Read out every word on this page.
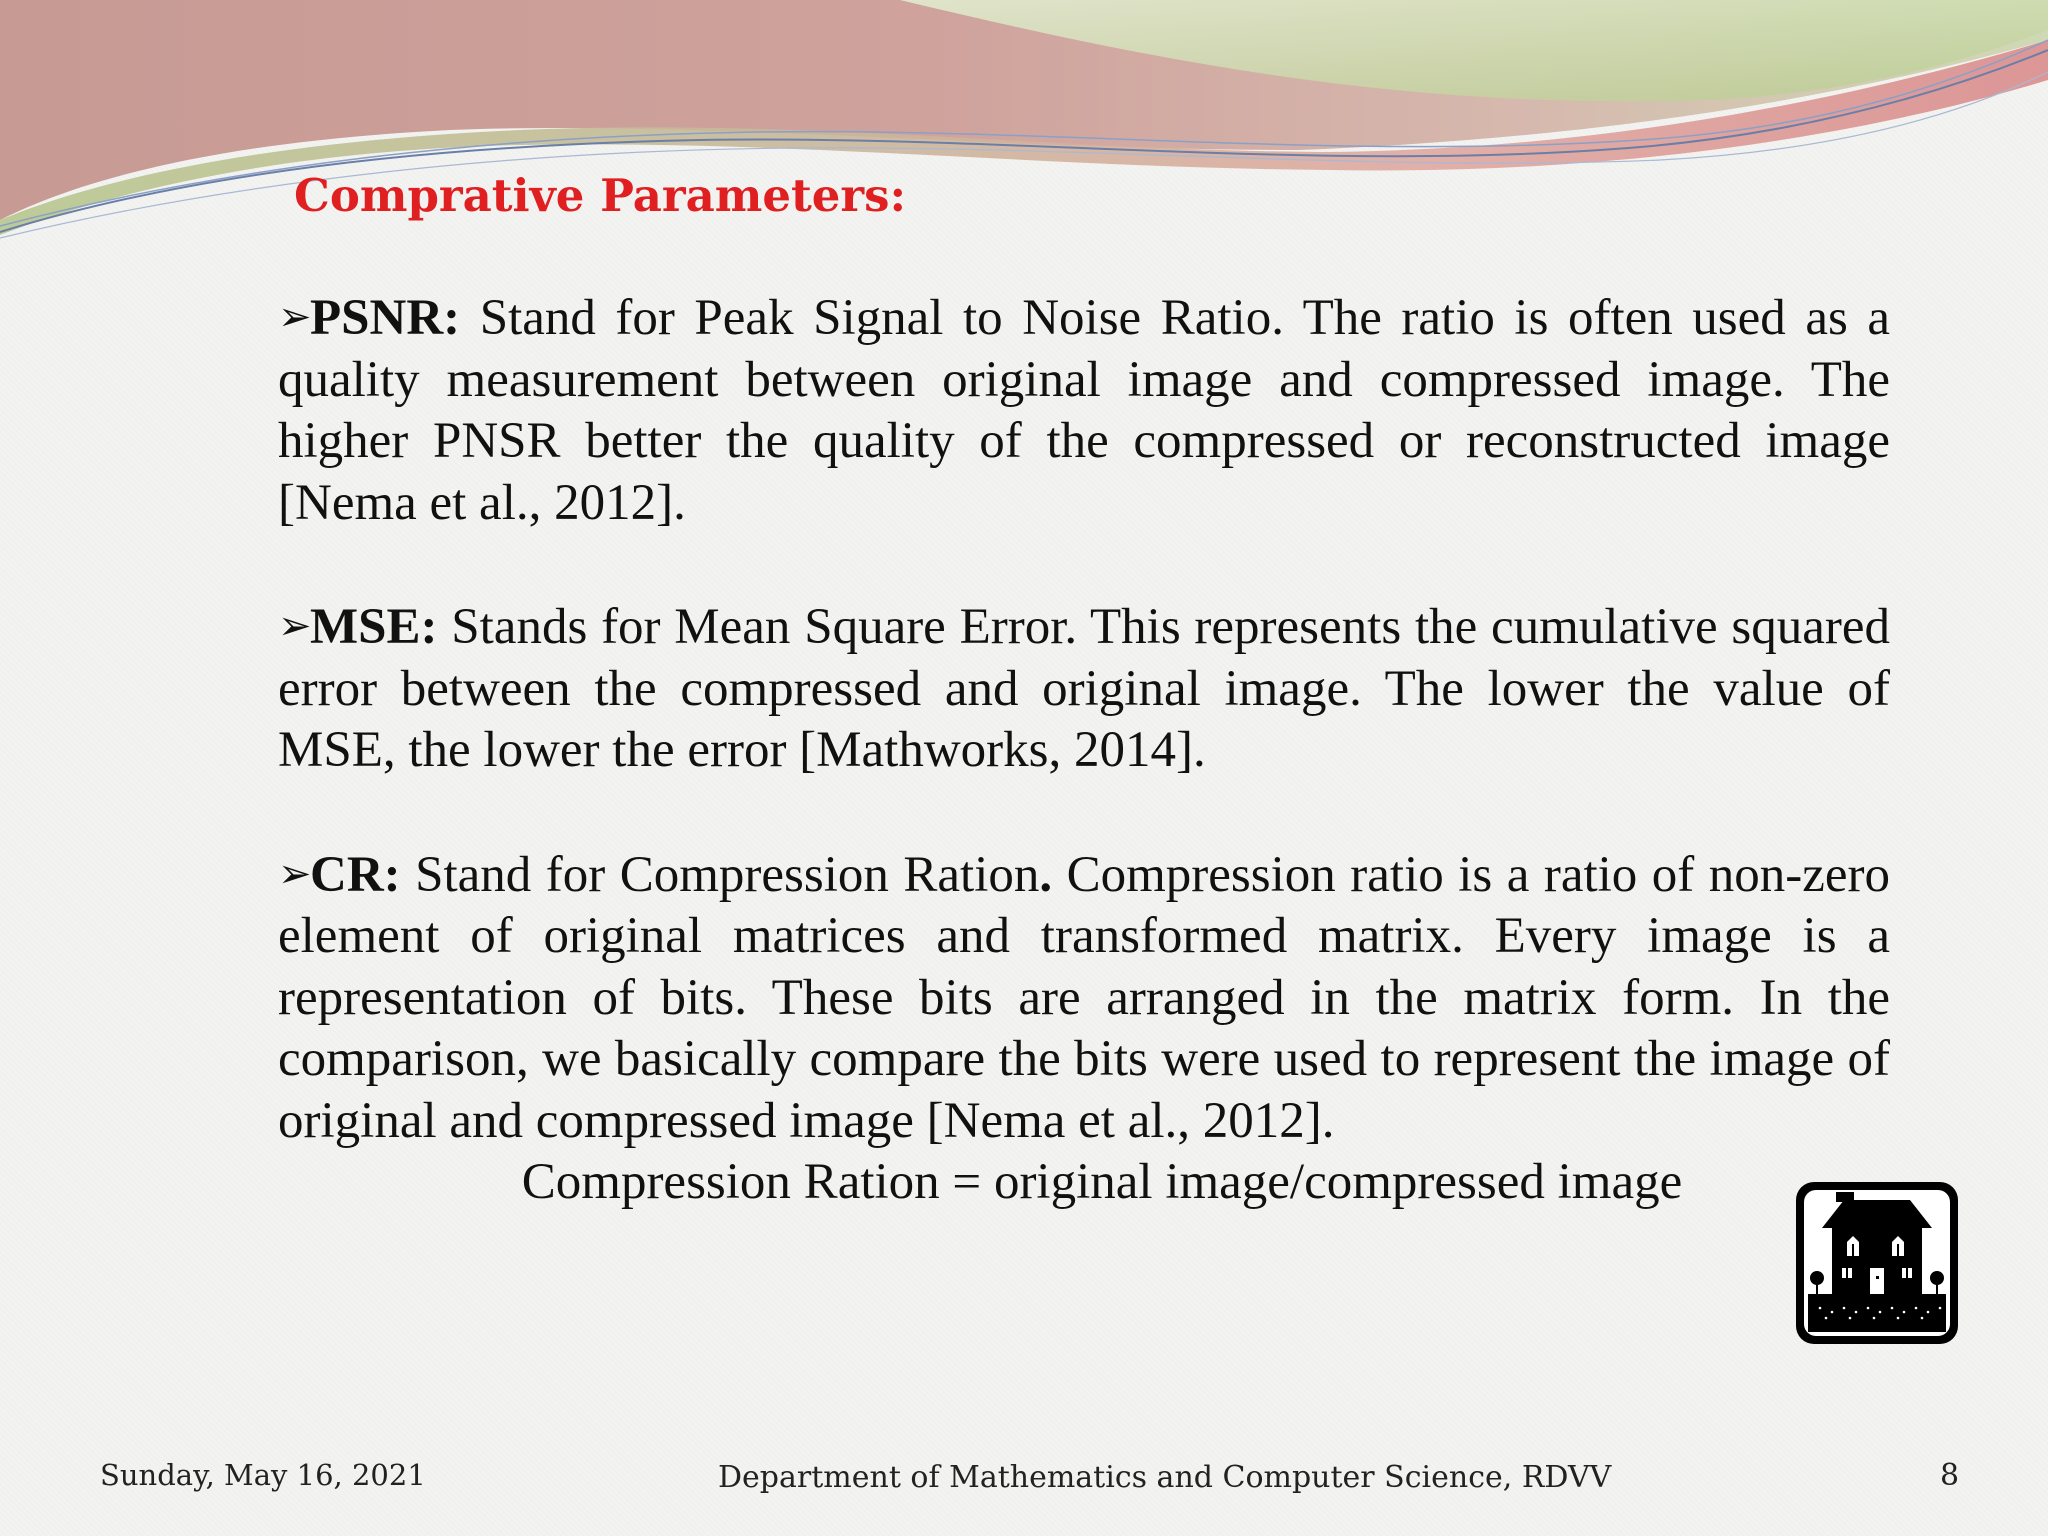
Comprative Parameters:

➢PSNR: Stand for Peak Signal to Noise Ratio. The ratio is often used as a quality measurement between original image and compressed image. The higher PNSR better the quality of the compressed or reconstructed image [Nema et al., 2012].

➢MSE: Stands for Mean Square Error. This represents the cumulative squared error between the compressed and original image. The lower the value of MSE, the lower the error [Mathworks, 2014].

➢CR: Stand for Compression Ration. Compression ratio is a ratio of non-zero element of original matrices and transformed matrix. Every image is a representation of bits. These bits are arranged in the matrix form. In the comparison, we basically compare the bits were used to represent the image of original and compressed image [Nema et al., 2012].

Compression Ration = original image/compressed image

Sunday, May 16, 2021	Department of Mathematics and Computer Science, RDVV	8
